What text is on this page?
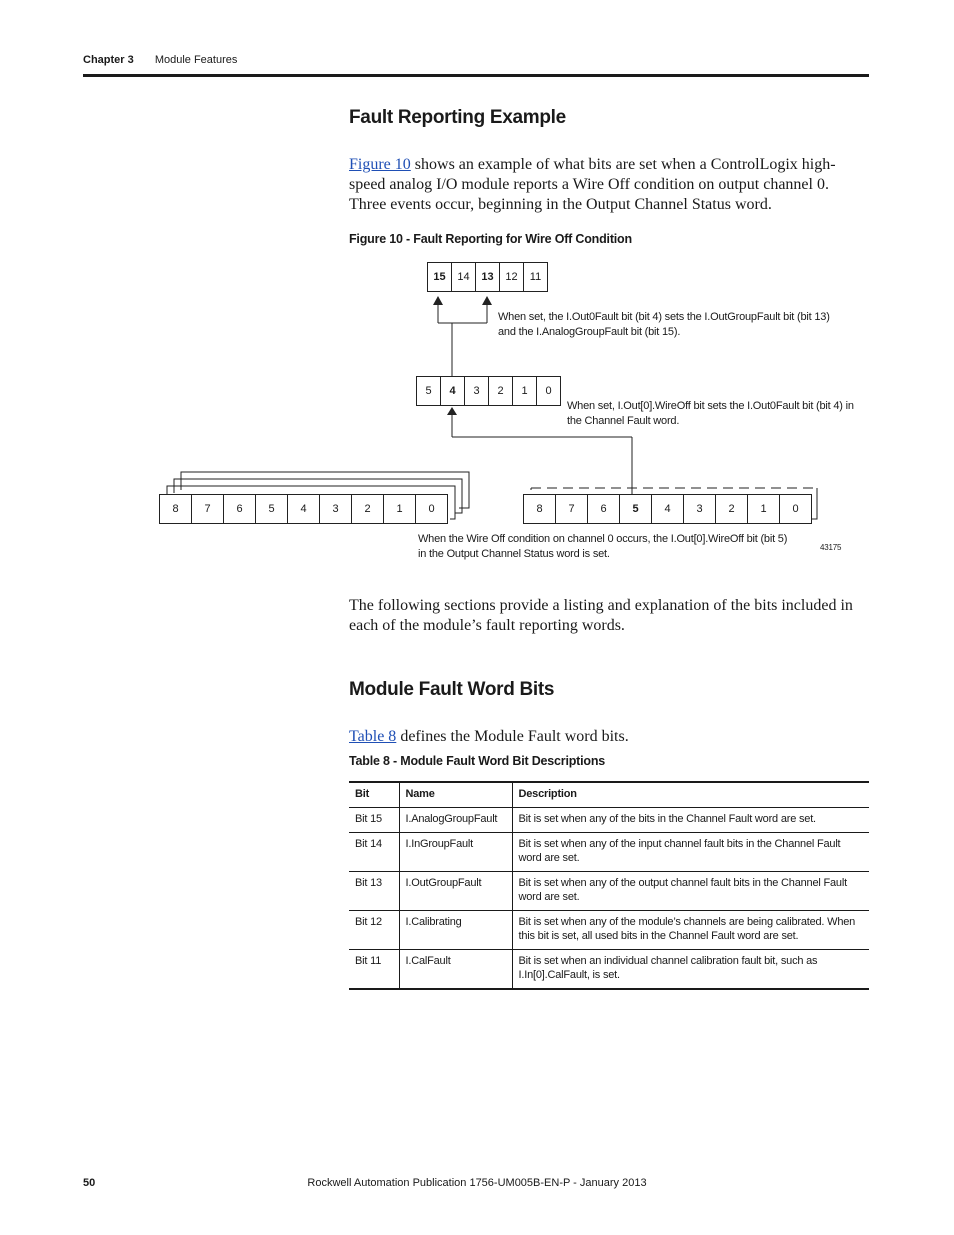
Chapter 3 Module Features
Fault Reporting Example

Figure 10 shows an example of what bits are set when a ControlLogix high-speed analog I/O module reports a Wire Off condition on output channel 0. Three events occur, beginning in the Output Channel Status word.

Figure 10 - Fault Reporting for Wire Off Condition

15	14	13	12	11
5	4	3	2	1	0
8	7	6	5	4	3	2	1	0	8	7	6	5	4	3	2	1	0
When set, the I.Out0Fault bit (bit 4) sets the I.OutGroupFault bit (bit 13) and the I.AnalogGroupFault bit (bit 15).
When set, I.Out[0].WireOff bit sets the I.Out0Fault bit (bit 4) in the Channel Fault word.
When the Wire Off condition on channel 0 occurs, the I.Out[0].WireOff bit (bit 5) in the Output Channel Status word is set.
43175

The following sections provide a listing and explanation of the bits included in each of the module’s fault reporting words.

Module Fault Word Bits

Table 8 defines the Module Fault word bits.

Table 8 - Module Fault Word Bit Descriptions

Bit	Name	Description
Bit 15	I.AnalogGroupFault	Bit is set when any of the bits in the Channel Fault word are set.
Bit 14	I.InGroupFault	Bit is set when any of the input channel fault bits in the Channel Fault word are set.
Bit 13	I.OutGroupFault	Bit is set when any of the output channel fault bits in the Channel Fault word are set.
Bit 12	I.Calibrating	Bit is set when any of the module’s channels are being calibrated. When this bit is set, all used bits in the Channel Fault word are set.
Bit 11	I.CalFault	Bit is set when an individual channel calibration fault bit, such as I.In[0].CalFault, is set.
50	Rockwell Automation Publication 1756-UM005B-EN-P - January 2013
